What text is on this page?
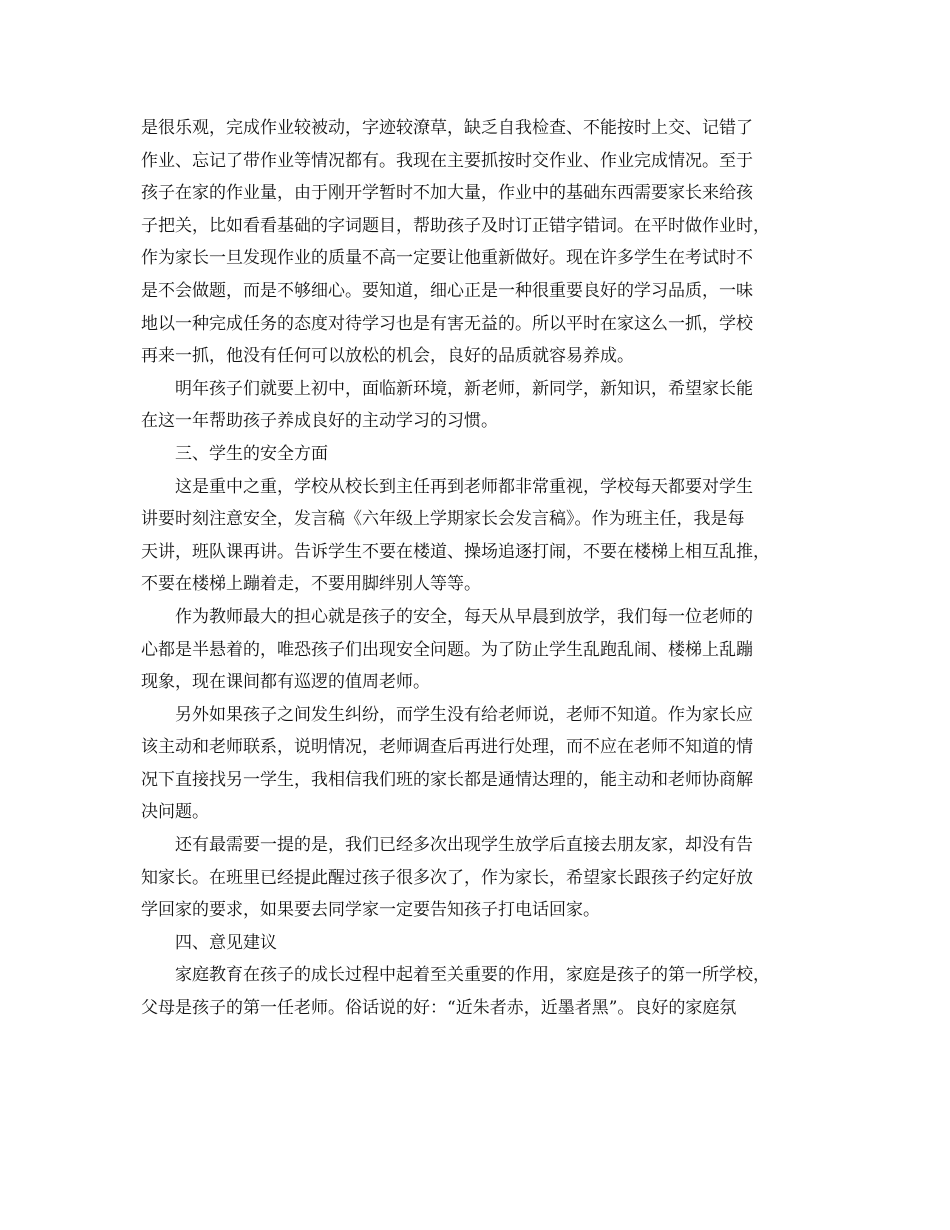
是很乐观，完成作业较被动，字迹较潦草，缺乏自我检查、不能按时上交、记错了
作业、忘记了带作业等情况都有。我现在主要抓按时交作业、作业完成情况。至于
孩子在家的作业量，由于刚开学暂时不加大量，作业中的基础东西需要家长来给孩
子把关，比如看看基础的字词题目，帮助孩子及时订正错字错词。在平时做作业时，
作为家长一旦发现作业的质量不高一定要让他重新做好。现在许多学生在考试时不
是不会做题，而是不够细心。要知道，细心正是一种很重要良好的学习品质，一味
地以一种完成任务的态度对待学习也是有害无益的。所以平时在家这么一抓，学校
再来一抓，他没有任何可以放松的机会，良好的品质就容易养成。
明年孩子们就要上初中，面临新环境，新老师，新同学，新知识，希望家长能
在这一年帮助孩子养成良好的主动学习的习惯。
三、学生的安全方面
这是重中之重，学校从校长到主任再到老师都非常重视，学校每天都要对学生
讲要时刻注意安全，发言稿《六年级上学期家长会发言稿》。作为班主任，我是每
天讲，班队课再讲。告诉学生不要在楼道、操场追逐打闹，不要在楼梯上相互乱推，
不要在楼梯上蹦着走，不要用脚绊别人等等。
作为教师最大的担心就是孩子的安全，每天从早晨到放学，我们每一位老师的
心都是半悬着的，唯恐孩子们出现安全问题。为了防止学生乱跑乱闹、楼梯上乱蹦
现象，现在课间都有巡逻的值周老师。
另外如果孩子之间发生纠纷，而学生没有给老师说，老师不知道。作为家长应
该主动和老师联系，说明情况，老师调查后再进行处理，而不应在老师不知道的情
况下直接找另一学生，我相信我们班的家长都是通情达理的，能主动和老师协商解
决问题。
还有最需要一提的是，我们已经多次出现学生放学后直接去朋友家，却没有告
知家长。在班里已经提此醒过孩子很多次了，作为家长，希望家长跟孩子约定好放
学回家的要求，如果要去同学家一定要告知孩子打电话回家。
四、意见建议
家庭教育在孩子的成长过程中起着至关重要的作用，家庭是孩子的第一所学校，
父母是孩子的第一任老师。俗话说的好：“近朱者赤，近墨者黑”。良好的家庭氛
